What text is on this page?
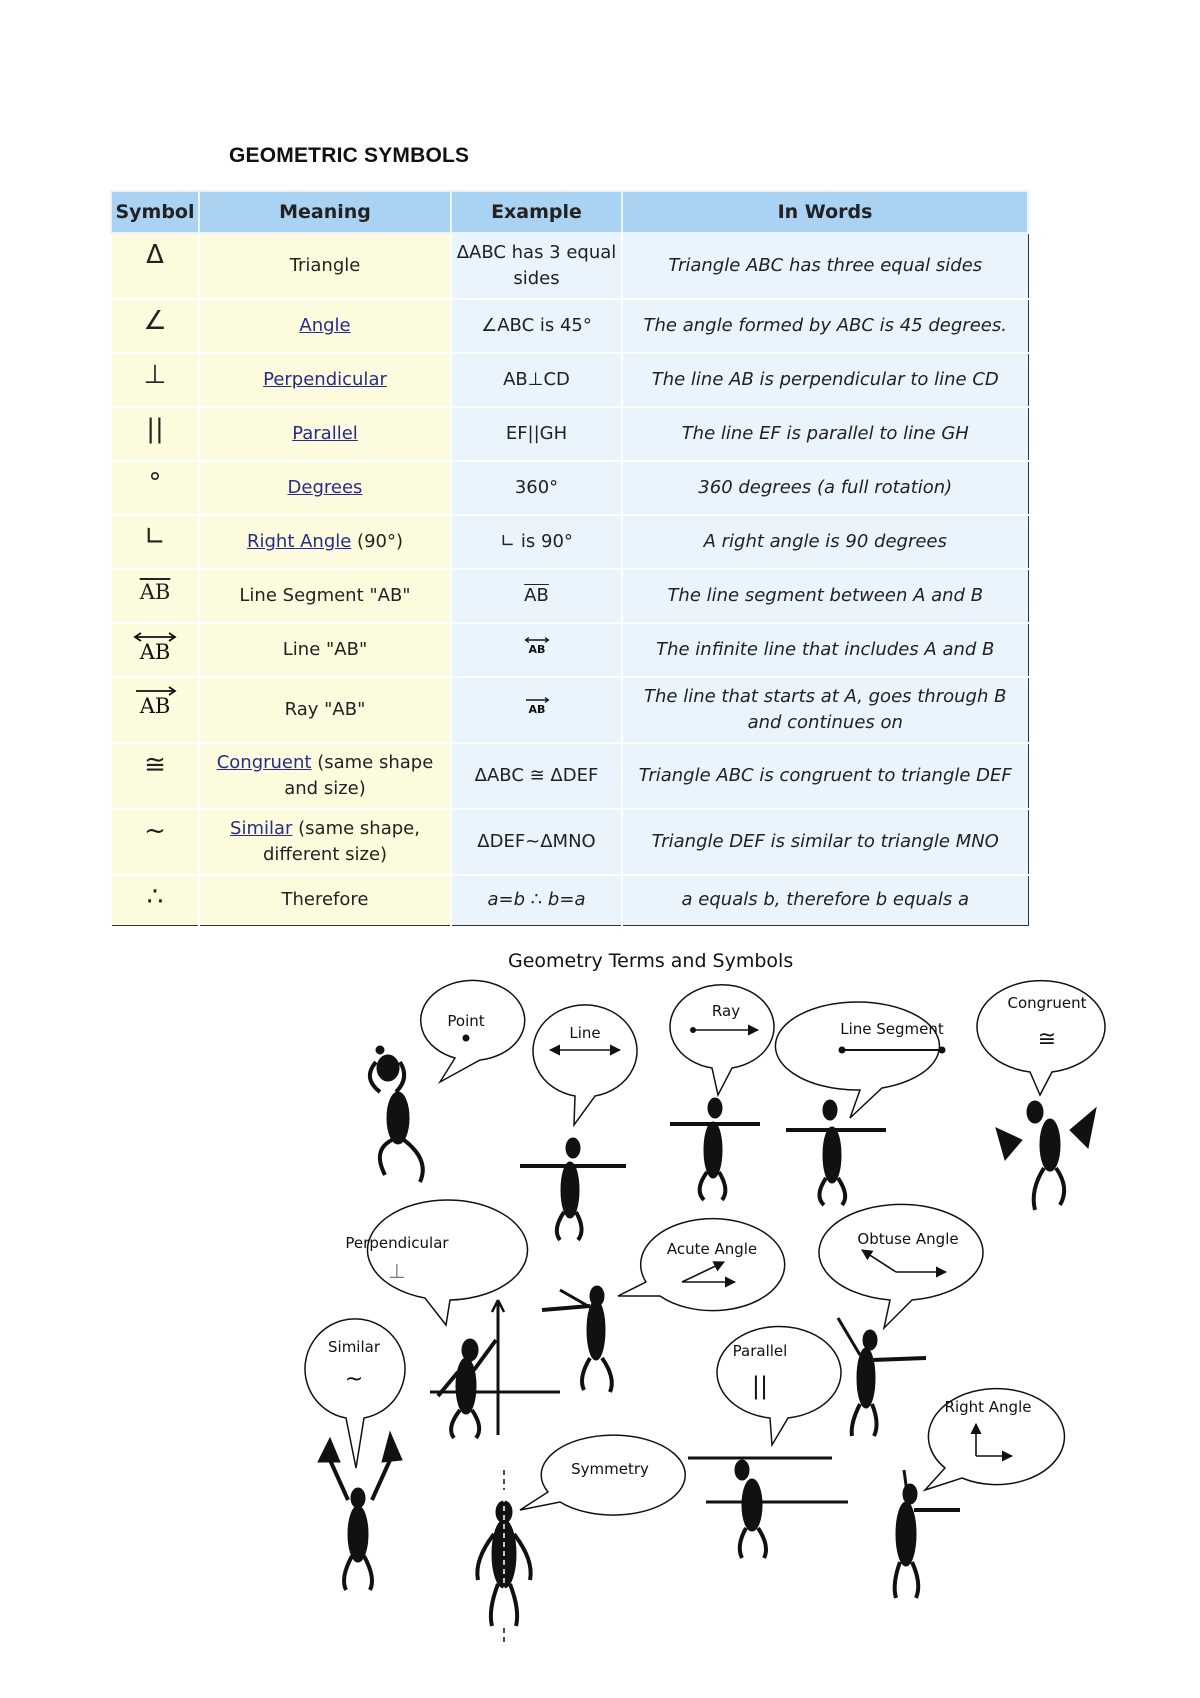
GEOMETRIC SYMBOLS
Symbol	Meaning	Example	In Words
Δ	Triangle	ΔABC has 3 equal sides	Triangle ABC has three equal sides
∠	Angle	∠ABC is 45°	The angle formed by ABC is 45 degrees.
⊥	Perpendicular	AB⊥CD	The line AB is perpendicular to line CD
||	Parallel	EF||GH	The line EF is parallel to line GH
°	Degrees	360°	360 degrees (a full rotation)
∟	Right Angle (90°)	∟ is 90°	A right angle is 90 degrees
$\overline{AB}$	Line Segment "AB"	$\overline{AB}$	The line segment between A and B

AB	Line "AB"	AB	The infinite line that includes A and B

AB	Ray "AB"	AB	The line that starts at A, goes through B and continues on
≅	Congruent (same shape and size)	ΔABC ≅ ΔDEF	Triangle ABC is congruent to triangle DEF
~	Similar (same shape, different size)	ΔDEF~ΔMNO	Triangle DEF is similar to triangle MNO
∴	Therefore	a=b ∴ b=a	a equals b, therefore b equals a
Geometry Terms and Symbols
Point
Line
Ray
Line Segment
Congruent
≅
Perpendicular
⊥
Acute Angle
Obtuse Angle
Similar
~
Parallel
||
Symmetry
Right Angle
